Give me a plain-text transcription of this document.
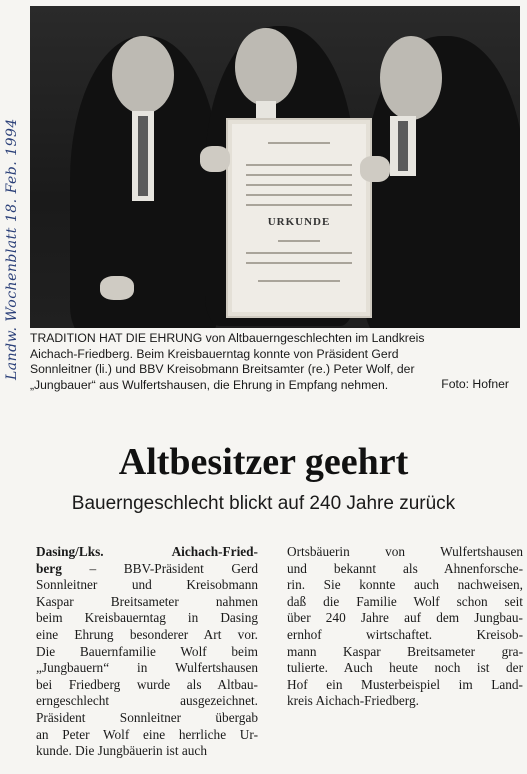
URKUNDE
Landw. Wochenblatt 18. Feb. 1994 TRADITION HAT DIE EHRUNG von Altbauerngeschlechten im Landkreis
Aichach-Friedberg. Beim Kreisbauerntag konnte von Präsident Gerd
Sonnleitner (li.) und BBV Kreisobmann Breitsamter (re.) Peter Wolf, der
„Jungbauer“ aus Wulfertshausen, die Ehrung in Empfang nehmen.	Foto: Hofner
Altbesitzer geehrt
Bauerngeschlecht blickt auf 240 Jahre zurück
Dasing/Lks.	Aichach-Fried-
berg – BBV-Präsident Gerd
Sonnleitner und Kreisobmann
Kaspar Breitsameter nahmen
beim Kreisbauerntag in Dasing
eine Ehrung besonderer Art vor.
Die Bauernfamilie Wolf beim
„Jungbauern“ in Wulfertshausen
bei Friedberg wurde als Altbau-
erngeschlecht ausgezeichnet.
Präsident Sonnleitner übergab
an Peter Wolf eine herrliche Ur-
kunde. Die Jungbäuerin ist auch
Ortsbäuerin von Wulfertshausen
und bekannt als Ahnenforsche-
rin. Sie konnte auch nachweisen,
daß die Familie Wolf schon seit
über 240 Jahre auf dem Jungbau-
ernhof wirtschaftet. Kreisob-
mann Kaspar Breitsameter gra-
tulierte. Auch heute noch ist der
Hof ein Musterbeispiel im Land-
kreis Aichach-Friedberg.
